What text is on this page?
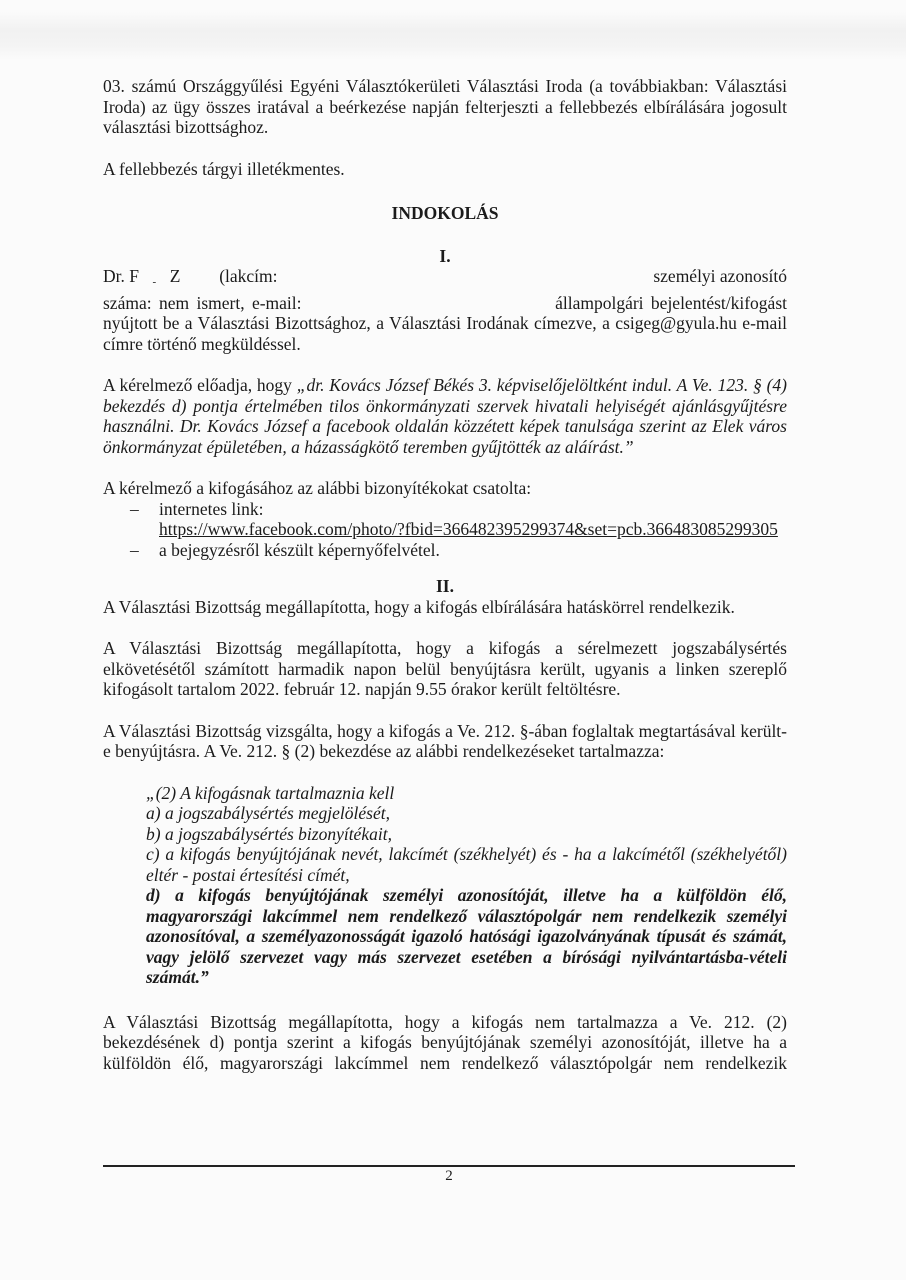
03. számú Országgyűlési Egyéni Választókerületi Választási Iroda (a továbbiakban: Választási Iroda) az ügy összes iratával a beérkezése napján felterjeszti a fellebbezés elbírálására jogosult választási bizottsághoz.

A fellebbezés tárgyi illetékmentes.

INDOKOLÁS

I.

Dr. F - Z (lakcím:	személyi azonosító
száma: nem ismert, e-mail:	állampolgári bejelentést/kifogást

nyújtott be a Választási Bizottsághoz, a Választási Irodának címezve, a csigeg@gyula.hu e-mail címre történő megküldéssel.

A kérelmező előadja, hogy „dr. Kovács József Békés 3. képviselőjelöltként indul. A Ve. 123. § (4) bekezdés d) pontja értelmében tilos önkormányzati szervek hivatali helyiségét ajánlásgyűjtésre használni. Dr. Kovács József a facebook oldalán közzétett képek tanulsága szerint az Elek város önkormányzat épületében, a házasságkötő teremben gyűjtötték az aláírást.”

A kérelmező a kifogásához az alábbi bizonyítékokat csatolta:

– internetes link:
https://www.facebook.com/photo/?fbid=366482395299374&set=pcb.366483085299305
– a bejegyzésről készült képernyőfelvétel.

II.

A Választási Bizottság megállapította, hogy a kifogás elbírálására hatáskörrel rendelkezik.

A Választási Bizottság megállapította, hogy a kifogás a sérelmezett jogszabálysértés elkövetésétől számított harmadik napon belül benyújtásra került, ugyanis a linken szereplő kifogásolt tartalom 2022. február 12. napján 9.55 órakor került feltöltésre.

A Választási Bizottság vizsgálta, hogy a kifogás a Ve. 212. §-ában foglaltak megtartásával került-e benyújtásra. A Ve. 212. § (2) bekezdése az alábbi rendelkezéseket tartalmazza:

„(2) A kifogásnak tartalmaznia kell

a) a jogszabálysértés megjelölését,

b) a jogszabálysértés bizonyítékait,

c) a kifogás benyújtójának nevét, lakcímét (székhelyét) és - ha a lakcímétől (székhelyétől) eltér - postai értesítési címét,

d) a kifogás benyújtójának személyi azonosítóját, illetve ha a külföldön élő, magyarországi lakcímmel nem rendelkező választópolgár nem rendelkezik személyi azonosítóval, a személyazonosságát igazoló hatósági igazolványának típusát és számát, vagy jelölő szervezet vagy más szervezet esetében a bírósági nyilvántartásba-vételi számát.”

A Választási Bizottság megállapította, hogy a kifogás nem tartalmazza a Ve. 212. (2) bekezdésének d) pontja szerint a kifogás benyújtójának személyi azonosítóját, illetve ha a külföldön élő, magyarországi lakcímmel nem rendelkező választópolgár nem rendelkezik

2
